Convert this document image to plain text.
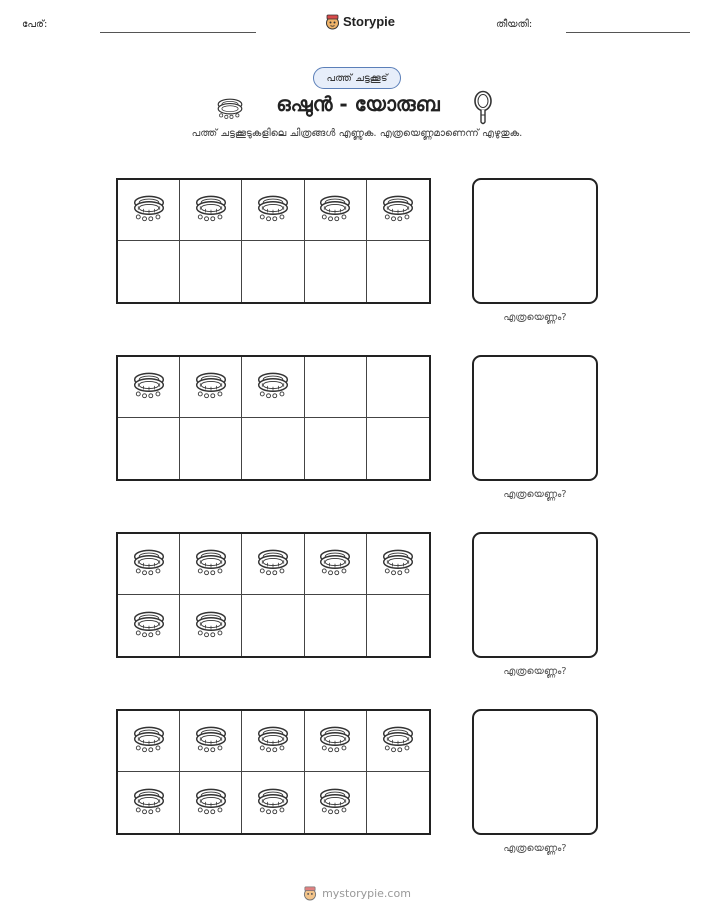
പേര്:	Storypie	തീയതി:
പത്ത് ചട്ടക്കൂട്
ഒഷുൻ - യോരുബ
പത്ത് ചട്ടക്കൂടുകളിലെ ചിത്രങ്ങൾ എണ്ണുക. എത്രയെണ്ണമാണെന്ന് എഴുതുക.
എത്രയെണ്ണം?
എത്രയെണ്ണം?
എത്രയെണ്ണം?
എത്രയെണ്ണം?
mystorypie.com
